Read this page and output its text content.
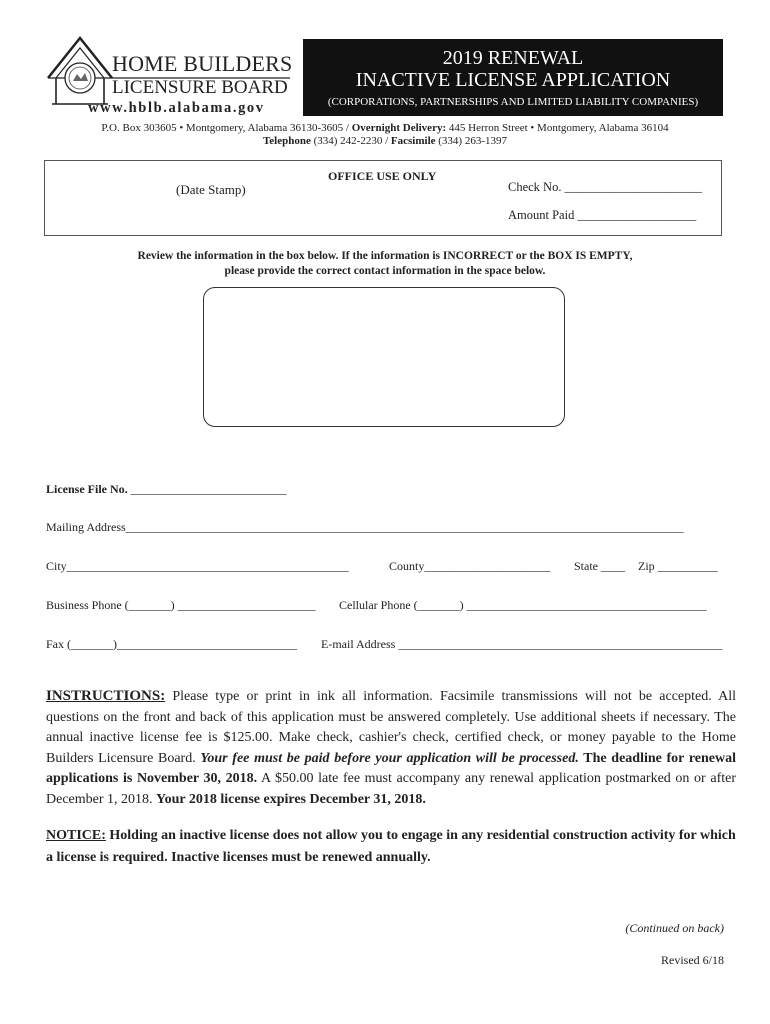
HOME BUILDERS
LICENSURE BOARD
www.hblb.alabama.gov
2019 RENEWAL
INACTIVE LICENSE APPLICATION
(CORPORATIONS, PARTNERSHIPS AND LIMITED LIABILITY COMPANIES)
P.O. Box 303605 • Montgomery, Alabama 36130-3605 / Overnight Delivery: 445 Herron Street • Montgomery, Alabama 36104
Telephone (334) 242-2230 / Facsimile (334) 263-1397
OFFICE USE ONLY
(Date Stamp)	Check No. ______________________
Amount Paid ___________________
Review the information in the box below. If the information is INCORRECT or the BOX IS EMPTY,
please provide the correct contact information in the space below.
License File No. __________________________
Mailing Address_____________________________________________________________________________________________
City_______________________________________________	County_____________________ State ____ Zip __________
Business Phone (_______) _______________________ Cellular Phone (_______) ________________________________________
Fax (_______)______________________________ E-mail Address ______________________________________________________
INSTRUCTIONS: Please type or print in ink all information. Facsimile transmissions will not be accepted. All questions on the front and back of this application must be answered completely. Use additional sheets if necessary. The annual inactive license fee is $125.00. Make check, cashier's check, certified check, or money payable to the Home Builders Licensure Board. Your fee must be paid before your application will be processed. The deadline for renewal applications is November 30, 2018. A $50.00 late fee must accompany any renewal application postmarked on or after December 1, 2018. Your 2018 license expires December 31, 2018.
NOTICE: Holding an inactive license does not allow you to engage in any residential construction activity for which a license is required. Inactive licenses must be renewed annually.
(Continued on back)
Revised 6/18
